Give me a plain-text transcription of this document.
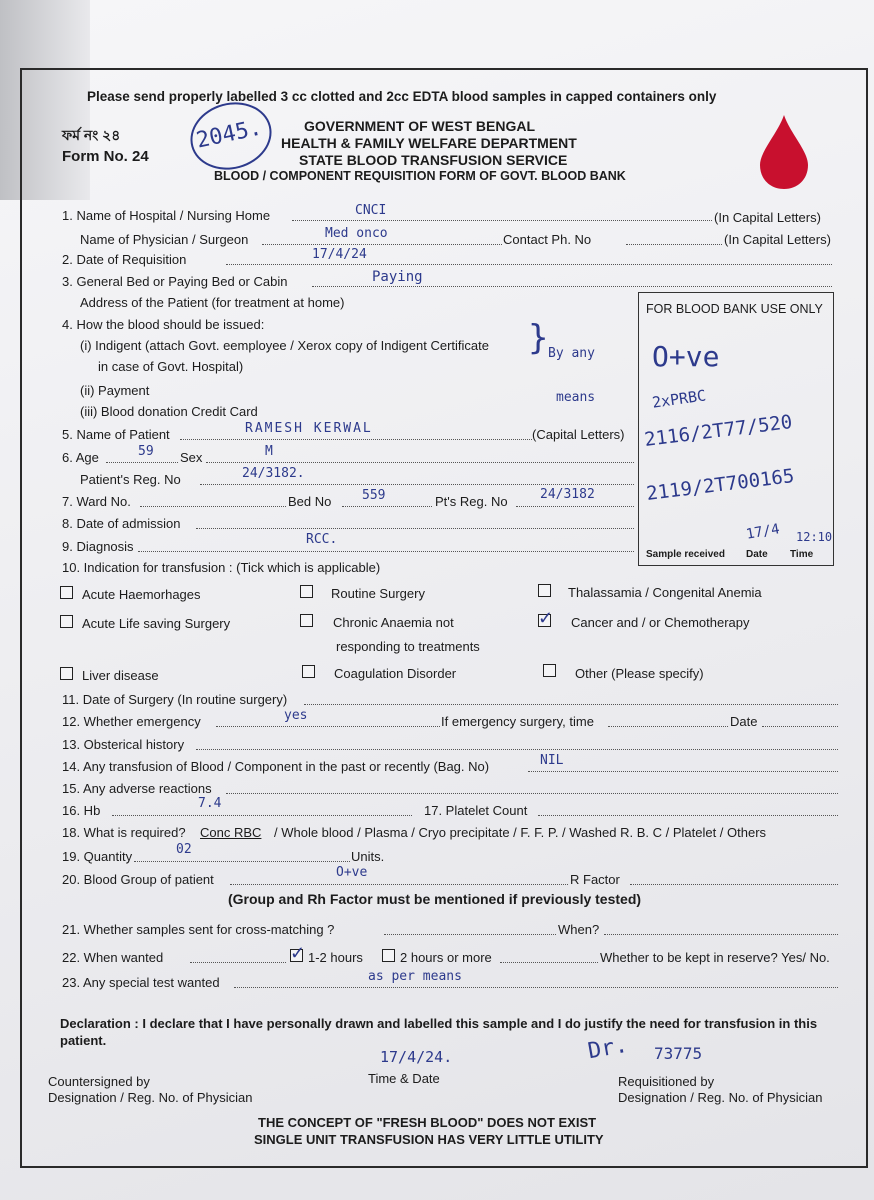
Please send properly labelled 3 cc clotted and 2cc EDTA blood samples in capped containers only
ফর্ম নং ২৪
Form No. 24
2045.	GOVERNMENT OF WEST BENGAL
HEALTH & FAMILY WELFARE DEPARTMENT
STATE BLOOD TRANSFUSION SERVICE
BLOOD / COMPONENT REQUISITION FORM OF GOVT. BLOOD BANK
1. Name of Hospital / Nursing Home	CNCI	(In Capital Letters)
Name of Physician / Surgeon	Med onco	Contact Ph. No	(In Capital Letters)
2. Date of Requisition	17/4/24
3. General Bed or Paying Bed or Cabin	Paying
Address of the Patient (for treatment at home)
4. How the blood should be issued:
(i) Indigent (attach Govt. eemployee / Xerox copy of Indigent Certificate
in case of Govt. Hospital)
(ii) Payment
(iii) Blood donation Credit Card
} By any
means
FOR BLOOD BANK USE ONLY
O+ve
2xPRBC
2116/2T77/520
2119/2T700165
17/4 12:10
Sample received Date Time
5. Name of Patient	RAMESH KERWAL	(Capital Letters)
6. Age	59 Sex	M
Patient's Reg. No	24/3182.
7. Ward No.	Bed No 559	Pt's Reg. No 24/3182
8. Date of admission
9. Diagnosis	RCC.
10. Indication for transfusion : (Tick which is applicable)
Acute Haemorhages	Routine Surgery	Thalassamia / Congenital Anemia
Acute Life saving Surgery	Chronic Anaemia not
responding to treatments
✓
Cancer and / or Chemotherapy
Liver disease	Coagulation Disorder	Other (Please specify)
11. Date of Surgery (In routine surgery)
12. Whether emergency	yes	If emergency surgery, time	Date
13. Obsterical history
14. Any transfusion of Blood / Component in the past or recently (Bag. No)	NIL
15. Any adverse reactions
16. Hb	7.4	17. Platelet Count
18. What is required? Conc RBC / Whole blood / Plasma / Cryo precipitate / F. F. P. / Washed R. B. C / Platelet / Others
19. Quantity	02	Units.
20. Blood Group of patient	O+ve	R Factor
(Group and Rh Factor must be mentioned if previously tested)
21. Whether samples sent for cross-matching ?	When?
22. When wanted
✓	1-2 hours	2 hours or more	Whether to be kept in reserve? Yes/ No.
23. Any special test wanted	as per means
Declaration : I declare that I have personally drawn and labelled this sample and I do justify the need for transfusion in this patient.
17/4/24.
Time & Date
Countersigned by
Designation / Reg. No. of Physician
Dr. 73775
Requisitioned by
Designation / Reg. No. of Physician
THE CONCEPT OF "FRESH BLOOD" DOES NOT EXIST
SINGLE UNIT TRANSFUSION HAS VERY LITTLE UTILITY
